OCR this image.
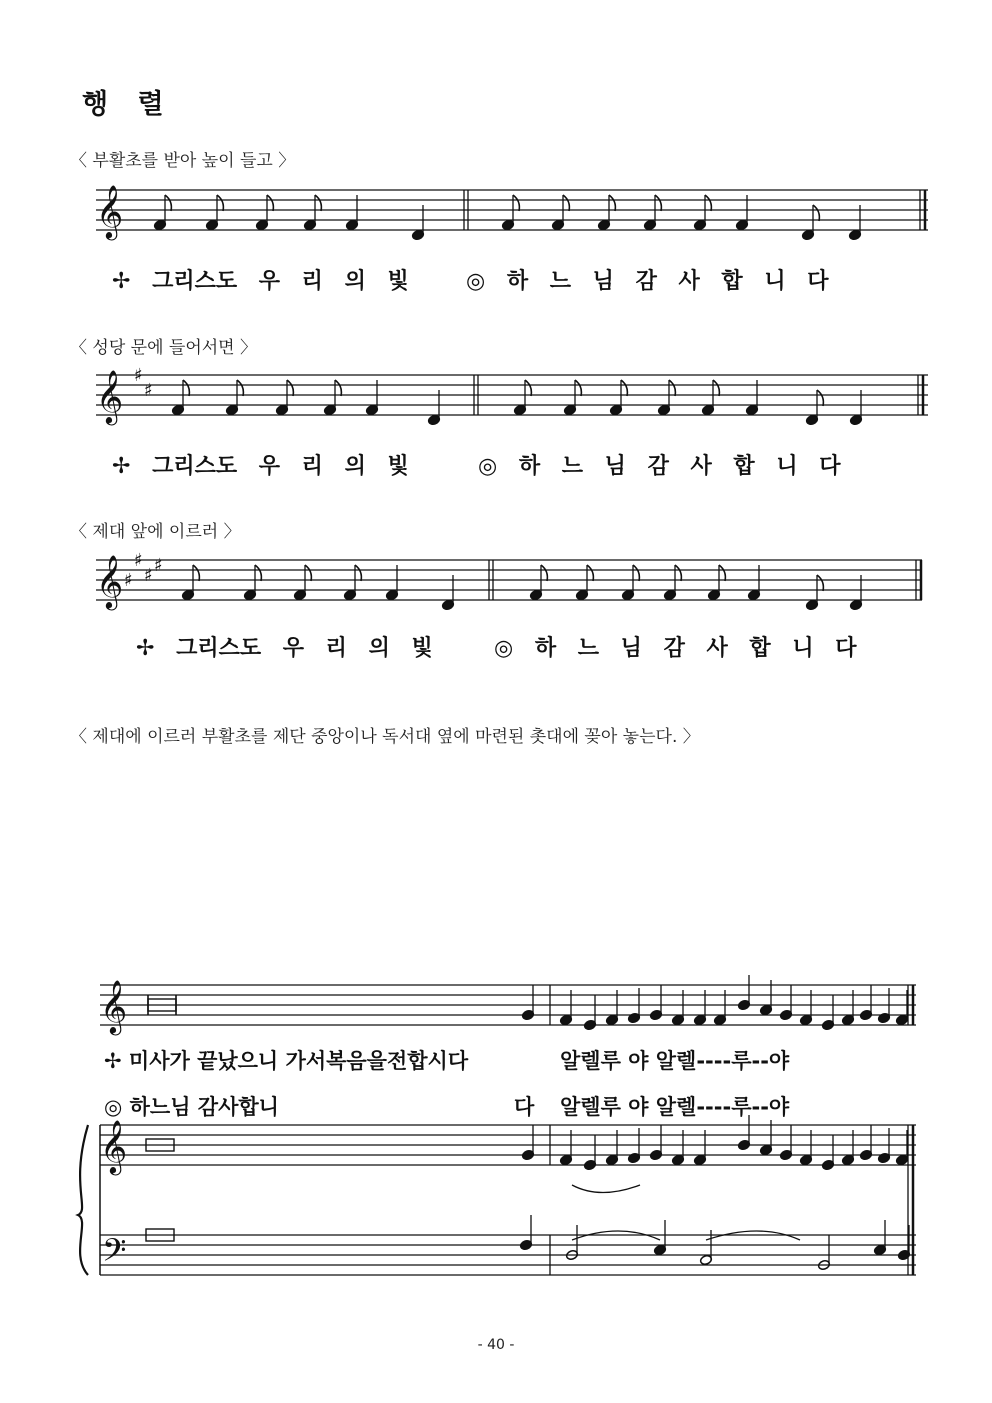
행 렬
〈 부활초를 받아 높이 들고 〉
〈 성당 문에 들어서면 〉
〈 제대 앞에 이르러 〉
〈 제대에 이르러 부활초를 제단 중앙이나 독서대 옆에 마련된 촛대에 꽂아 놓는다. 〉
✢ 그리스도 우 리 의 빛	◎ 하 느 님 감 사 합 니 다
✢ 그리스도 우 리 의 빛	◎ 하 느 님 감 사 합 니 다
✢ 그리스도 우 리 의 빛	◎ 하 느 님 감 사 합 니 다
✢ 미사가 끝났으니 가서복음을전합시다	알렐루 야 알렐----루--야
◎ 하느님 감사합니	다 알렐루 야 알렐----루--야
𝄞
𝄞 ♯
♯
𝄞 ♯
♯
♯
♯
𝄞
𝄞
𝄢
- 40 -
